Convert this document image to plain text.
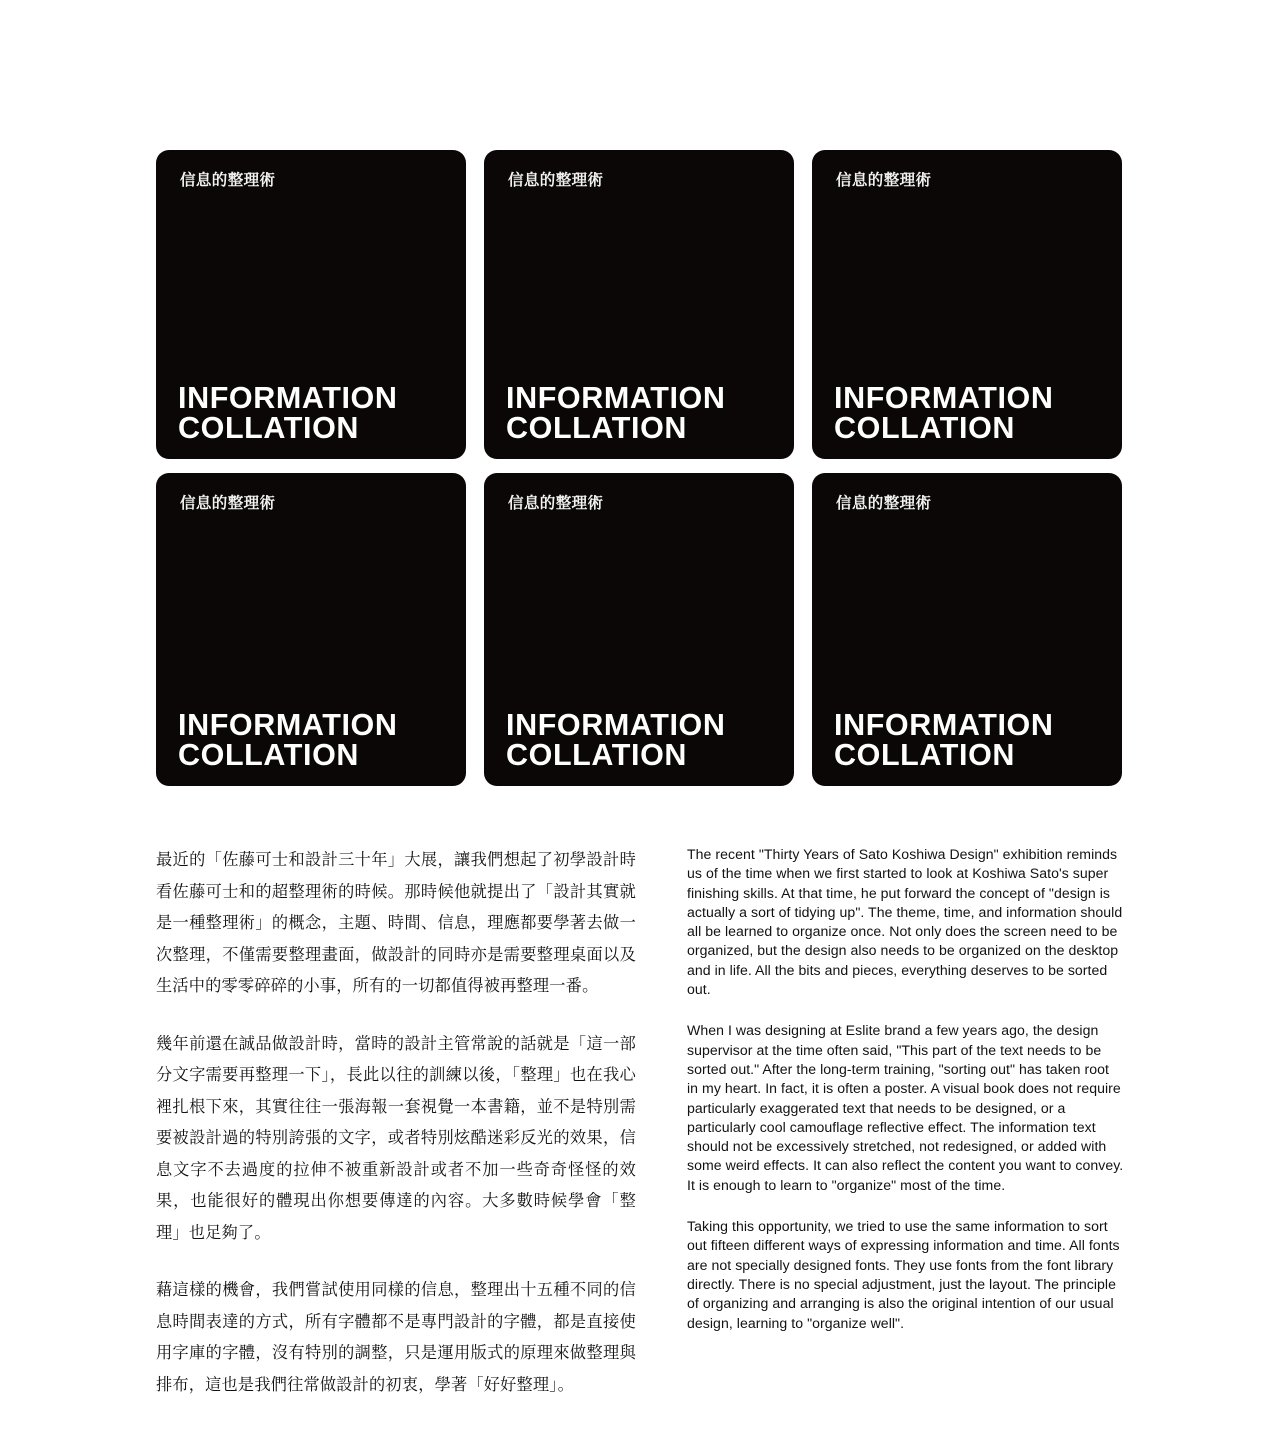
信息的整理術
INFORMATION
COLLATION
信息的整理術
INFORMATION
COLLATION
信息的整理術
INFORMATION
COLLATION
信息的整理術
INFORMATION
COLLATION
信息的整理術
INFORMATION
COLLATION
信息的整理術
INFORMATION
COLLATION

最近的「佐藤可士和設計三十年」大展，讓我們想起了初學設計時看佐藤可士和的超整理術的時候。那時候他就提出了「設計其實就是一種整理術」的概念，主題、時間、信息，理應都要學著去做一次整理，不僅需要整理畫面，做設計的同時亦是需要整理桌面以及生活中的零零碎碎的小事，所有的一切都值得被再整理一番。

幾年前還在誠品做設計時，當時的設計主管常說的話就是「這一部分文字需要再整理一下」，長此以往的訓練以後，「整理」也在我心裡扎根下來，其實往往一張海報一套視覺一本書籍，並不是特別需要被設計過的特別誇張的文字，或者特別炫酷迷彩反光的效果，信息文字不去過度的拉伸不被重新設計或者不加一些奇奇怪怪的效果，也能很好的體現出你想要傳達的內容。大多數時候學會「整理」也足夠了。

藉這樣的機會，我們嘗試使用同樣的信息，整理出十五種不同的信息時間表達的方式，所有字體都不是專門設計的字體，都是直接使用字庫的字體，沒有特別的調整，只是運用版式的原理來做整理與排布，這也是我們往常做設計的初衷，學著「好好整理」。

The recent "Thirty Years of Sato Koshiwa Design" exhibition reminds us of the time when we first started to look at Koshiwa Sato's super finishing skills. At that time, he put forward the concept of "design is actually a sort of tidying up". The theme, time, and information should all be learned to organize once. Not only does the screen need to be organized, but the design also needs to be organized on the desktop and in life. All the bits and pieces, everything deserves to be sorted out.

When I was designing at Eslite brand a few years ago, the design supervisor at the time often said, "This part of the text needs to be sorted out." After the long-term training, "sorting out" has taken root in my heart. In fact, it is often a poster. A visual book does not require particularly exaggerated text that needs to be designed, or a particularly cool camouflage reflective effect. The information text should not be excessively stretched, not redesigned, or added with some weird effects. It can also reflect the content you want to convey. It is enough to learn to "organize" most of the time.

Taking this opportunity, we tried to use the same information to sort out fifteen different ways of expressing information and time. All fonts are not specially designed fonts. They use fonts from the font library directly. There is no special adjustment, just the layout. The principle of organizing and arranging is also the original intention of our usual design, learning to "organize well".
